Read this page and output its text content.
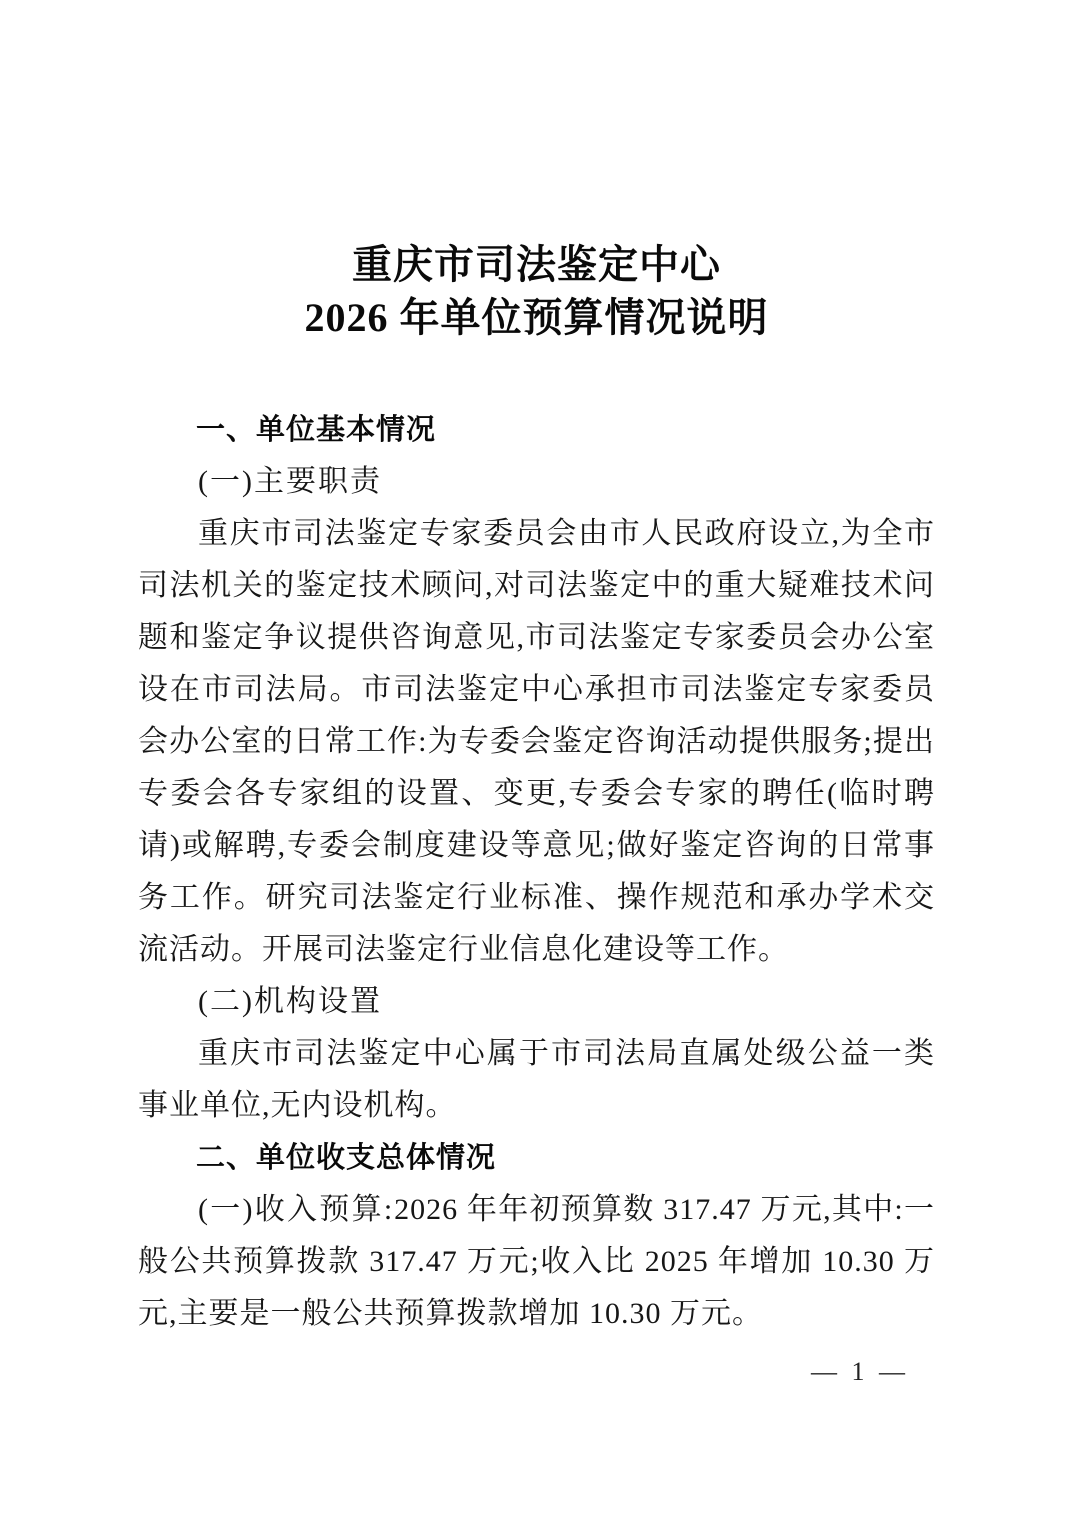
重庆市司法鉴定中心
2026 年单位预算情况说明
一、单位基本情况
(一)主要职责

重庆市司法鉴定专家委员会由市人民政府设立,为全市司法机关的鉴定技术顾问,对司法鉴定中的重大疑难技术问题和鉴定争议提供咨询意见,市司法鉴定专家委员会办公室设在市司法局。市司法鉴定中心承担市司法鉴定专家委员会办公室的日常工作:为专委会鉴定咨询活动提供服务;提出专委会各专家组的设置、变更,专委会专家的聘任(临时聘请)或解聘,专委会制度建设等意见;做好鉴定咨询的日常事务工作。研究司法鉴定行业标准、操作规范和承办学术交流活动。开展司法鉴定行业信息化建设等工作。

(二)机构设置

重庆市司法鉴定中心属于市司法局直属处级公益一类事业单位,无内设机构。

二、单位收支总体情况

(一)收入预算:2026 年年初预算数 317.47 万元,其中:一般公共预算拨款 317.47 万元;收入比 2025 年增加 10.30 万元,主要是一般公共预算拨款增加 10.30 万元。

— 1 —
